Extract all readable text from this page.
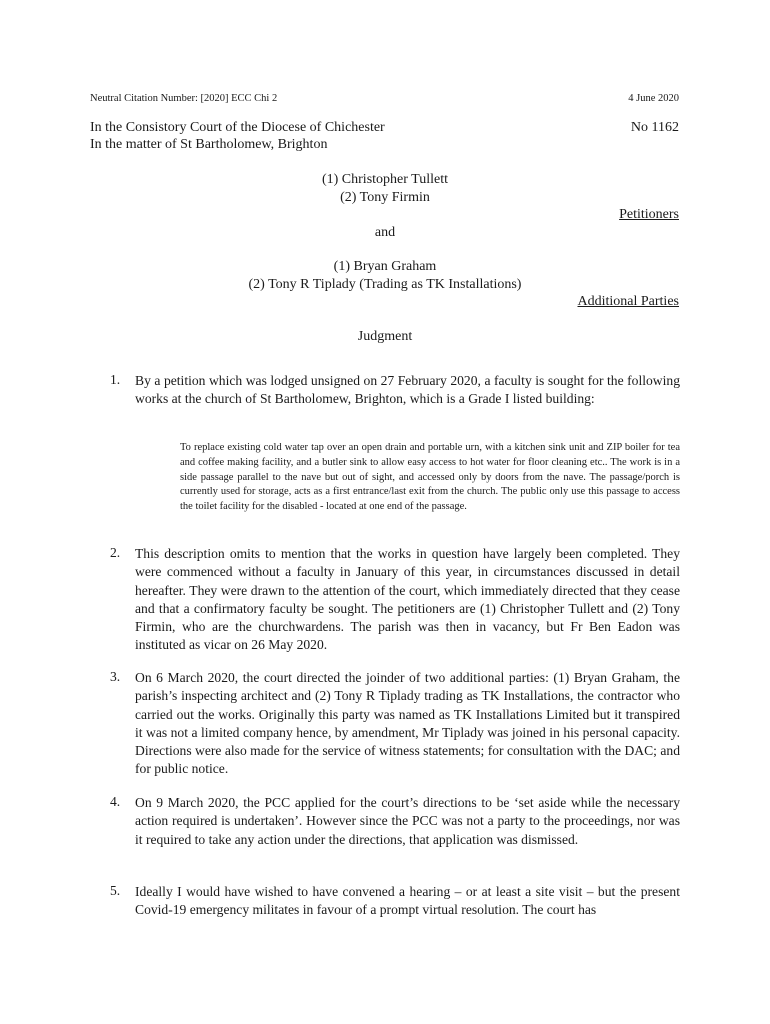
Neutral Citation Number: [2020] ECC Chi 2	4 June 2020
In the Consistory Court of the Diocese of Chichester	No 1162
In the matter of St Bartholomew, Brighton
(1) Christopher Tullett
(2) Tony Firmin
Petitioners
and
(1) Bryan Graham
(2) Tony R Tiplady (Trading as TK Installations)
Additional Parties
Judgment
1. By a petition which was lodged unsigned on 27 February 2020, a faculty is sought for the following works at the church of St Bartholomew, Brighton, which is a Grade I listed building:
To replace existing cold water tap over an open drain and portable urn, with a kitchen sink unit and ZIP boiler for tea and coffee making facility, and a butler sink to allow easy access to hot water for floor cleaning etc.. The work is in a side passage parallel to the nave but out of sight, and accessed only by doors from the nave. The passage/porch is currently used for storage, acts as a first entrance/last exit from the church. The public only use this passage to access the toilet facility for the disabled - located at one end of the passage.
2. This description omits to mention that the works in question have largely been completed. They were commenced without a faculty in January of this year, in circumstances discussed in detail hereafter. They were drawn to the attention of the court, which immediately directed that they cease and that a confirmatory faculty be sought. The petitioners are (1) Christopher Tullett and (2) Tony Firmin, who are the churchwardens. The parish was then in vacancy, but Fr Ben Eadon was instituted as vicar on 26 May 2020.
3. On 6 March 2020, the court directed the joinder of two additional parties: (1) Bryan Graham, the parish’s inspecting architect and (2) Tony R Tiplady trading as TK Installations, the contractor who carried out the works. Originally this party was named as TK Installations Limited but it transpired it was not a limited company hence, by amendment, Mr Tiplady was joined in his personal capacity. Directions were also made for the service of witness statements; for consultation with the DAC; and for public notice.
4. On 9 March 2020, the PCC applied for the court’s directions to be ‘set aside while the necessary action required is undertaken’. However since the PCC was not a party to the proceedings, nor was it required to take any action under the directions, that application was dismissed.
5. Ideally I would have wished to have convened a hearing – or at least a site visit – but the present Covid-19 emergency militates in favour of a prompt virtual resolution. The court has
